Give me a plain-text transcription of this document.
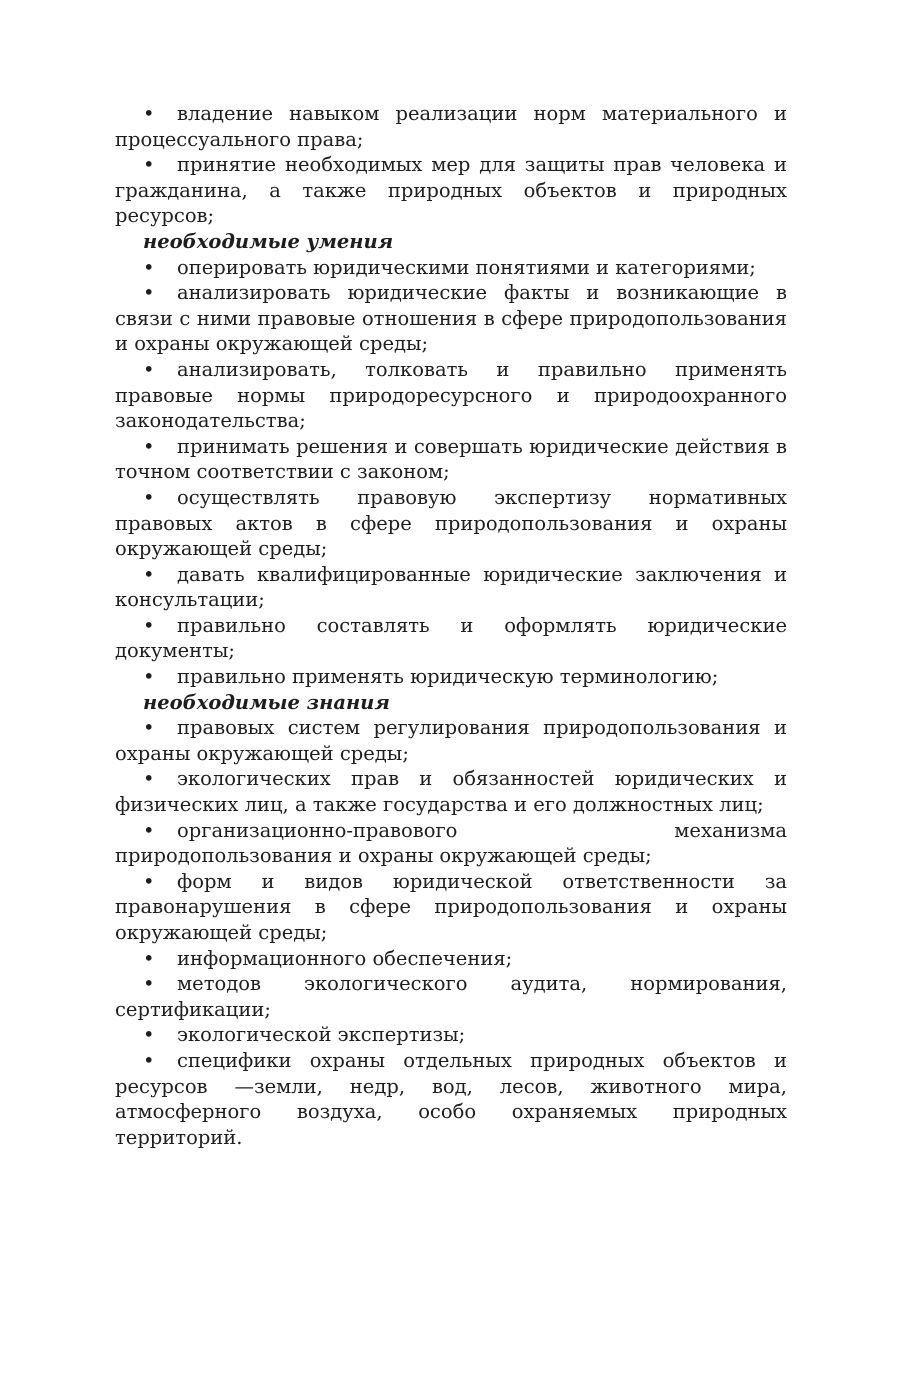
• владение навыком реализации норм материального и процессуального права;

• принятие необходимых мер для защиты прав человека и гражданина, а также природных объектов и природных ресурсов;

необходимые умения

• оперировать юридическими понятиями и категориями;

• анализировать юридические факты и возникающие в связи с ними правовые отношения в сфере природопользования и охраны окружающей среды;

• анализировать, толковать и правильно применять правовые нормы природоресурсного и природоохранного законодательства;

• принимать решения и совершать юридические действия в точном соответствии с законом;

• осуществлять правовую экспертизу нормативных правовых актов в сфере природопользования и охраны окружающей среды;

• давать квалифицированные юридические заключения и консультации;

• правильно составлять и оформлять юридические документы;

• правильно применять юридическую терминологию;

необходимые знания

• правовых систем регулирования природопользования и охраны окружающей среды;

• экологических прав и обязанностей юридических и физических лиц, а также государства и его должностных лиц;

• организационно-правового механизма природопользования и охраны окружающей среды;

• форм и видов юридической ответственности за правонарушения в сфере природопользования и охраны окружающей среды;

• информационного обеспечения;

• методов экологического аудита, нормирования, сертификации;

• экологической экспертизы;

• специфики охраны отдельных природных объектов и ресурсов —земли, недр, вод, лесов, животного мира, атмосферного воздуха, особо охраняемых природных территорий.
